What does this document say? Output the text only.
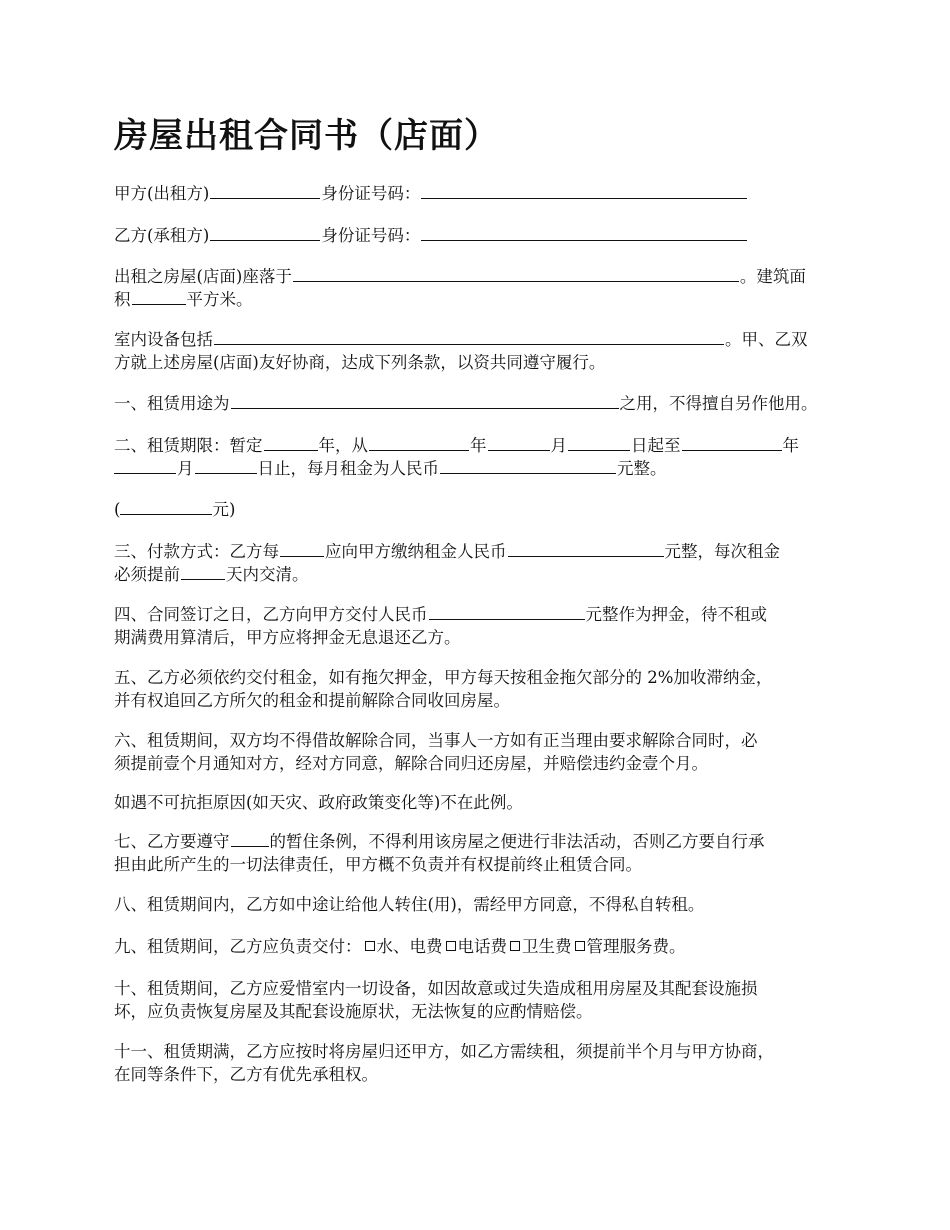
房屋出租合同书（店面）

甲方(出租方)	身份证号码：

乙方(承租方)	身份证号码：

出租之房屋(店面)座落于	。建筑面
积	平方米。

室内设备包括	。甲、乙双
方就上述房屋(店面)友好协商，达成下列条款，以资共同遵守履行。

一、租赁用途为	之用，不得擅自另作他用。

二、租赁期限：暂定	年，从	年	月	日起至	年
月	日止，每月租金为人民币	元整。

(	元)

三、付款方式：乙方每	应向甲方缴纳租金人民币	元整，每次租金
必须提前	天内交清。

四、合同签订之日，乙方向甲方交付人民币	元整作为押金，待不租或
期满费用算清后，甲方应将押金无息退还乙方。

五、乙方必须依约交付租金，如有拖欠押金，甲方每天按租金拖欠部分的 2%加收滞纳金，
并有权追回乙方所欠的租金和提前解除合同收回房屋。

六、租赁期间，双方均不得借故解除合同，当事人一方如有正当理由要求解除合同时，必
须提前壹个月通知对方，经对方同意，解除合同归还房屋，并赔偿违约金壹个月。

如遇不可抗拒原因(如天灾、政府政策变化等)不在此例。

七、乙方要遵守 的暂住条例，不得利用该房屋之便进行非法活动，否则乙方要自行承
担由此所产生的一切法律责任，甲方概不负责并有权提前终止租赁合同。

八、租赁期间内，乙方如中途让给他人转住(用)，需经甲方同意，不得私自转租。

九、租赁期间，乙方应负责交付： 水、电费 电话费 卫生费 管理服务费。

十、租赁期间，乙方应爱惜室内一切设备，如因故意或过失造成租用房屋及其配套设施损
坏，应负责恢复房屋及其配套设施原状，无法恢复的应酌情赔偿。

十一、租赁期满，乙方应按时将房屋归还甲方，如乙方需续租，须提前半个月与甲方协商，
在同等条件下，乙方有优先承租权。
